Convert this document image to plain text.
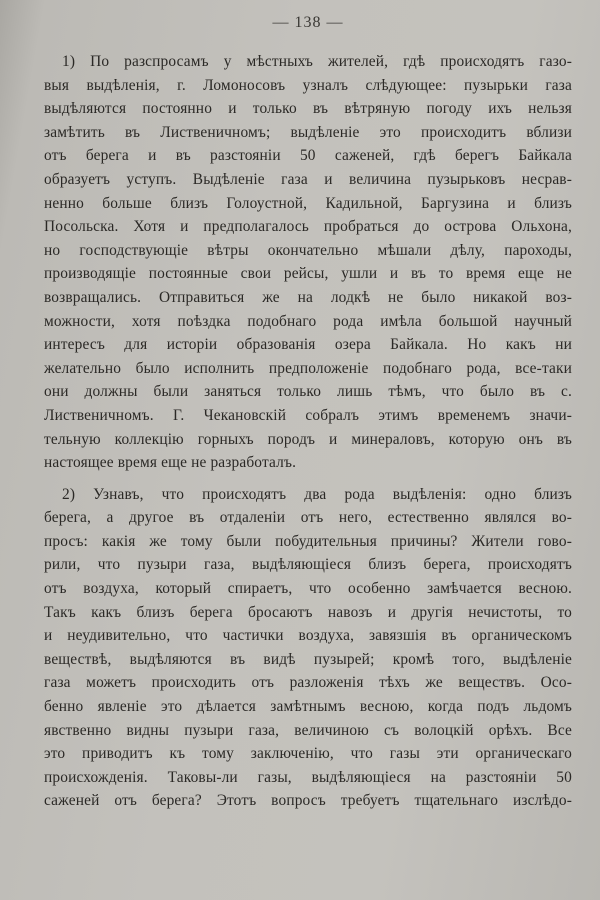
— 138 —
1) По разспросамъ у мѣстныхъ жителей, гдѣ происходятъ газо-
выя выдѣленія, г. Ломоносовъ узналъ слѣдующее: пузырьки газа
выдѣляются постоянно и только въ вѣтряную погоду ихъ нельзя
замѣтить въ Лиственичномъ; выдѣленіе это происходитъ вблизи
отъ берега и въ разстояніи 50 саженей, гдѣ берегъ Байкала
образуетъ уступъ. Выдѣленіе газа и величина пузырьковъ несрав-
ненно больше близъ Голоустной, Кадильной, Баргузина и близъ
Посольска. Хотя и предполагалось пробраться до острова Ольхона,
но господствующіе вѣтры окончательно мѣшали дѣлу, пароходы,
производящіе постоянные свои рейсы, ушли и въ то время еще не
возвращались. Отправиться же на лодкѣ не было никакой воз-
можности, хотя поѣздка подобнаго рода имѣла большой научный
интересъ для исторіи образованія озера Байкала. Но какъ ни
желательно было исполнить предположеніе подобнаго рода, все-таки
они должны были заняться только лишь тѣмъ, что было въ с.
Лиственичномъ. Г. Чекановскій собралъ этимъ временемъ значи-
тельную коллекцію горныхъ породъ и минераловъ, которую онъ въ
настоящее время еще не разработалъ.
2) Узнавъ, что происходятъ два рода выдѣленія: одно близъ
берега, а другое въ отдаленіи отъ него, естественно являлся во-
просъ: какія же тому были побудительныя причины? Жители гово-
рили, что пузыри газа, выдѣляющіеся близъ берега, происходятъ
отъ воздуха, который спираетъ, что особенно замѣчается весною.
Такъ какъ близъ берега бросаютъ навозъ и другія нечистоты, то
и неудивительно, что частички воздуха, завязшія въ органическомъ
веществѣ, выдѣляются въ видѣ пузырей; кромѣ того, выдѣленіе
газа можетъ происходить отъ разложенія тѣхъ же веществъ. Осо-
бенно явленіе это дѣлается замѣтнымъ весною, когда подъ льдомъ
явственно видны пузыри газа, величиною съ волоцкій орѣхъ. Все
это приводитъ къ тому заключенію, что газы эти органическаго
происхожденія. Таковы-ли газы, выдѣляющіеся на разстояніи 50
саженей отъ берега? Этотъ вопросъ требуетъ тщательнаго изслѣдо-
